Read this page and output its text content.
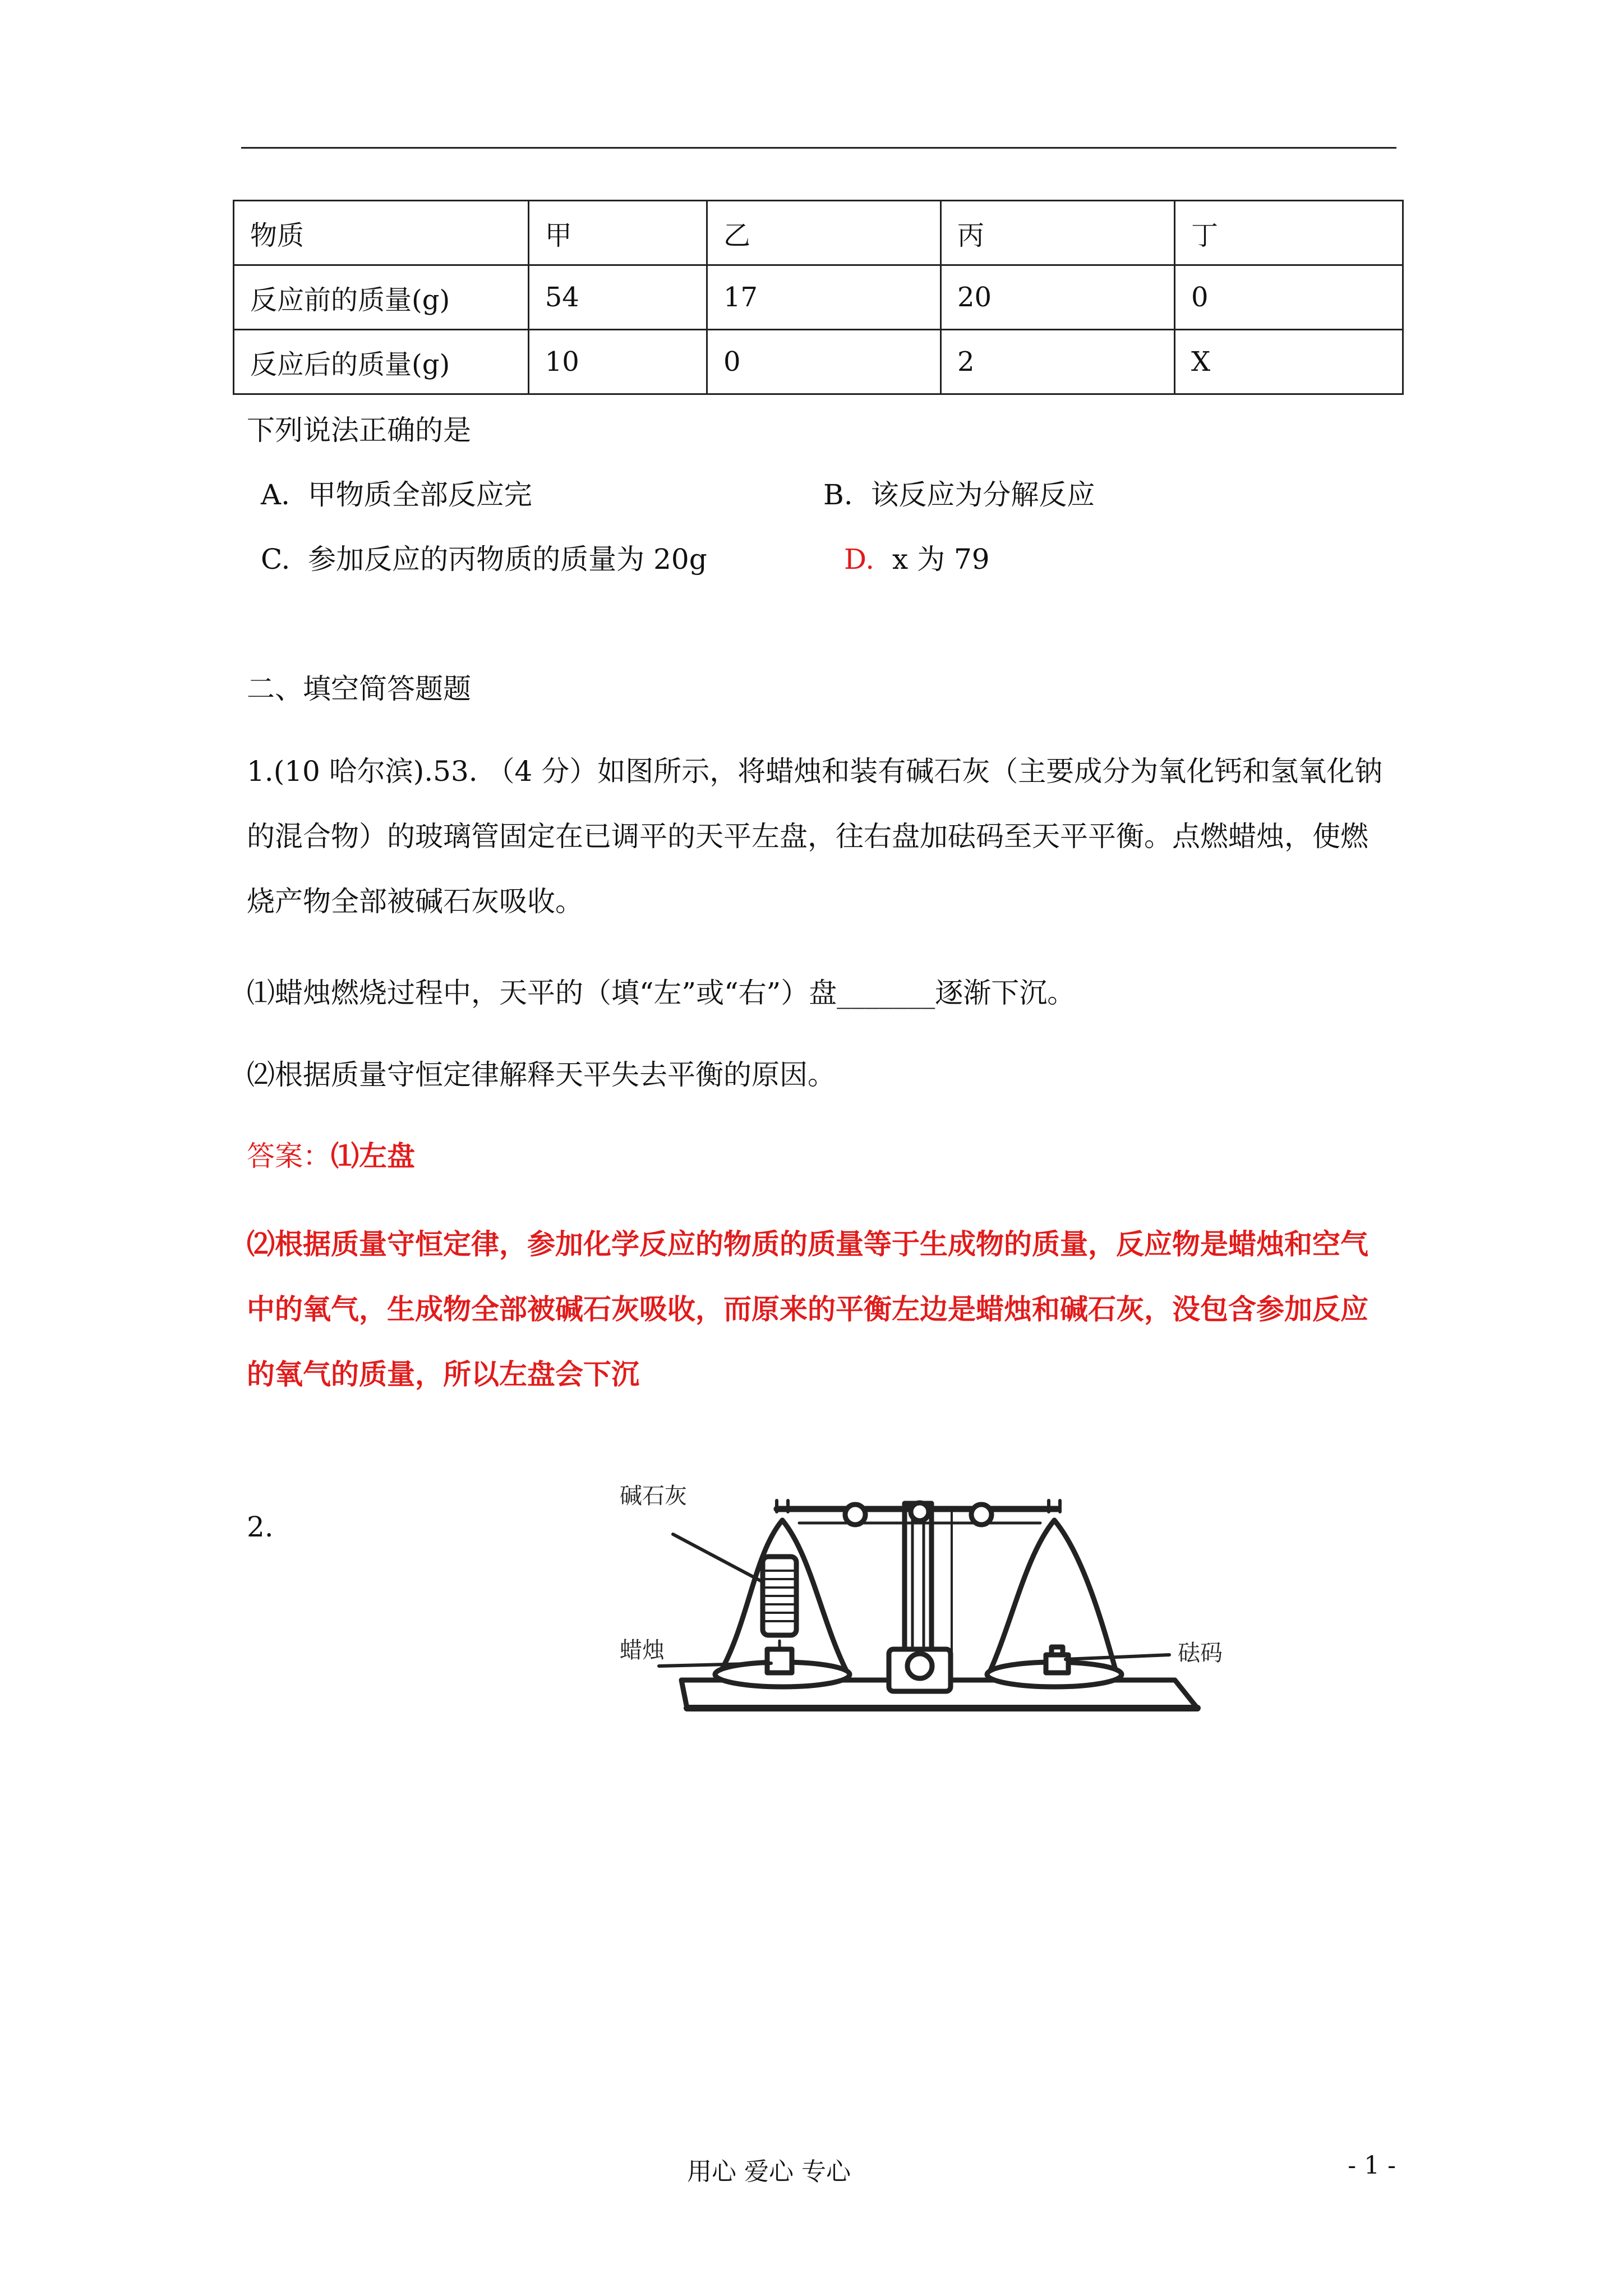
物质	甲	乙	丙	丁
反应前的质量(g)	54	17	20	0
反应后的质量(g)	10	0	2	X
下列说法正确的是
A. 甲物质全部反应完	B. 该反应为分解反应
C. 参加反应的丙物质的质量为 20g	D. x 为 79
二、填空简答题题
1.(10 哈尔滨).53. （4 分）如图所示，将蜡烛和装有碱石灰（主要成分为氧化钙和氢氧化钠的混合物）的玻璃管固定在已调平的天平左盘，往右盘加砝码至天平平衡。点燃蜡烛，使燃烧产物全部被碱石灰吸收。
⑴蜡烛燃烧过程中，天平的（填“左”或“右”）盘_______逐渐下沉。
⑵根据质量守恒定律解释天平失去平衡的原因。
答案：⑴左盘
⑵根据质量守恒定律，参加化学反应的物质的质量等于生成物的质量，反应物是蜡烛和空气中的氧气，生成物全部被碱石灰吸收，而原来的平衡左边是蜡烛和碱石灰，没包含参加反应的氧气的质量，所以左盘会下沉
2.
碱石灰
蜡烛	砝码
用心 爱心 专心	- 1 -
